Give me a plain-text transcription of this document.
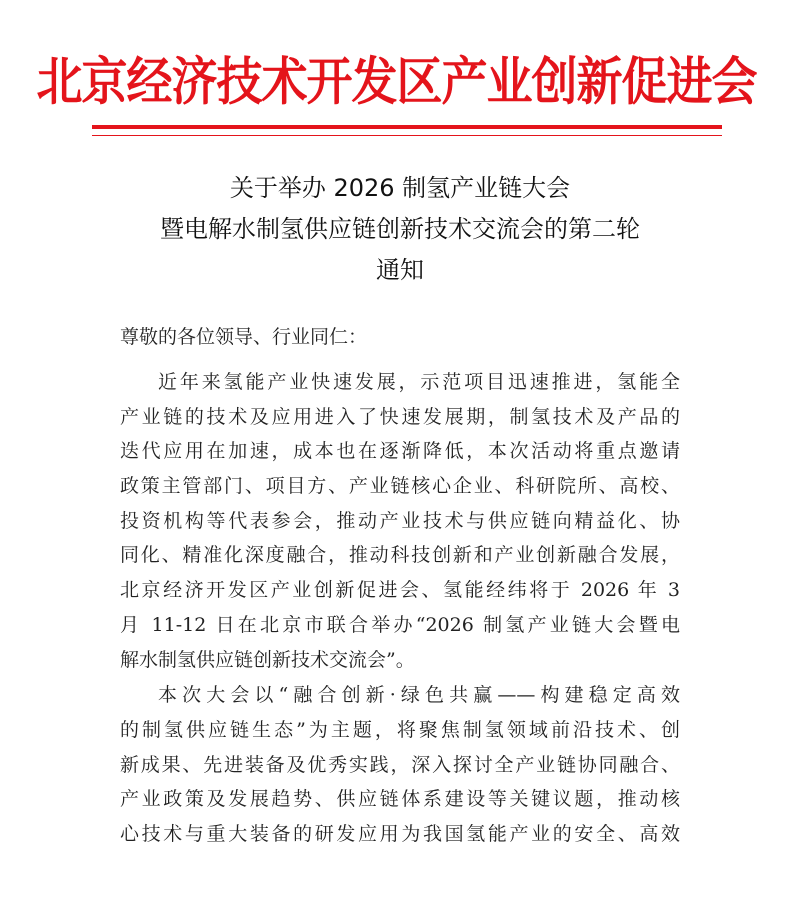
北京经济技术开发区产业创新促进会
关于举办 2026 制氢产业链大会
暨电解水制氢供应链创新技术交流会的第二轮
通知
尊敬的各位领导、行业同仁：
近年来氢能产业快速发展，示范项目迅速推进，氢能全
产业链的技术及应用进入了快速发展期，制氢技术及产品的
迭代应用在加速，成本也在逐渐降低，本次活动将重点邀请
政策主管部门、项目方、产业链核心企业、科研院所、高校、
投资机构等代表参会，推动产业技术与供应链向精益化、协
同化、精准化深度融合，推动科技创新和产业创新融合发展，
北京经济开发区产业创新促进会、氢能经纬将于 2026 年 3
月 11-12 日在北京市联合举办“2026 制氢产业链大会暨电
解水制氢供应链创新技术交流会”。
本次大会以“融合创新·绿色共赢——构建稳定高效
的制氢供应链生态”为主题，将聚焦制氢领域前沿技术、创
新成果、先进装备及优秀实践，深入探讨全产业链协同融合、
产业政策及发展趋势、供应链体系建设等关键议题，推动核
心技术与重大装备的研发应用为我国氢能产业的安全、高效
